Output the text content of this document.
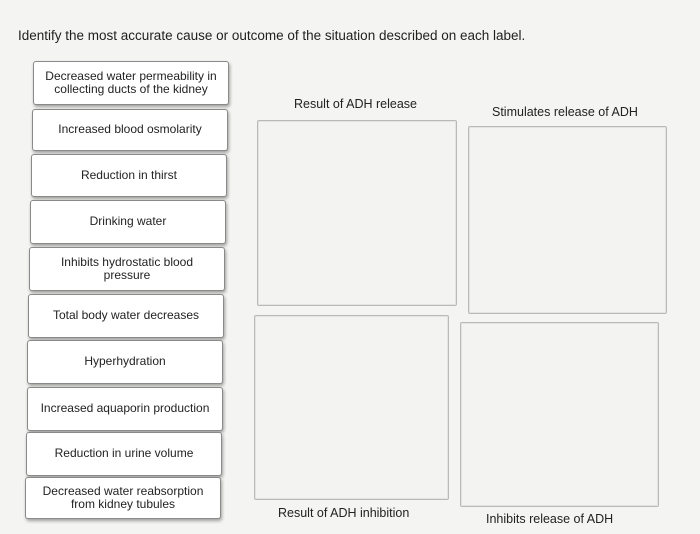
Identify the most accurate cause or outcome of the situation described on each label.
Decreased water permeability in collecting ducts of the kidney
Increased blood osmolarity
Reduction in thirst
Drinking water
Inhibits hydrostatic blood pressure
Total body water decreases
Hyperhydration
Increased aquaporin production
Reduction in urine volume
Decreased water reabsorption from kidney tubules
Result of ADH release
Stimulates release of ADH
Result of ADH inhibition	Inhibits release of ADH
